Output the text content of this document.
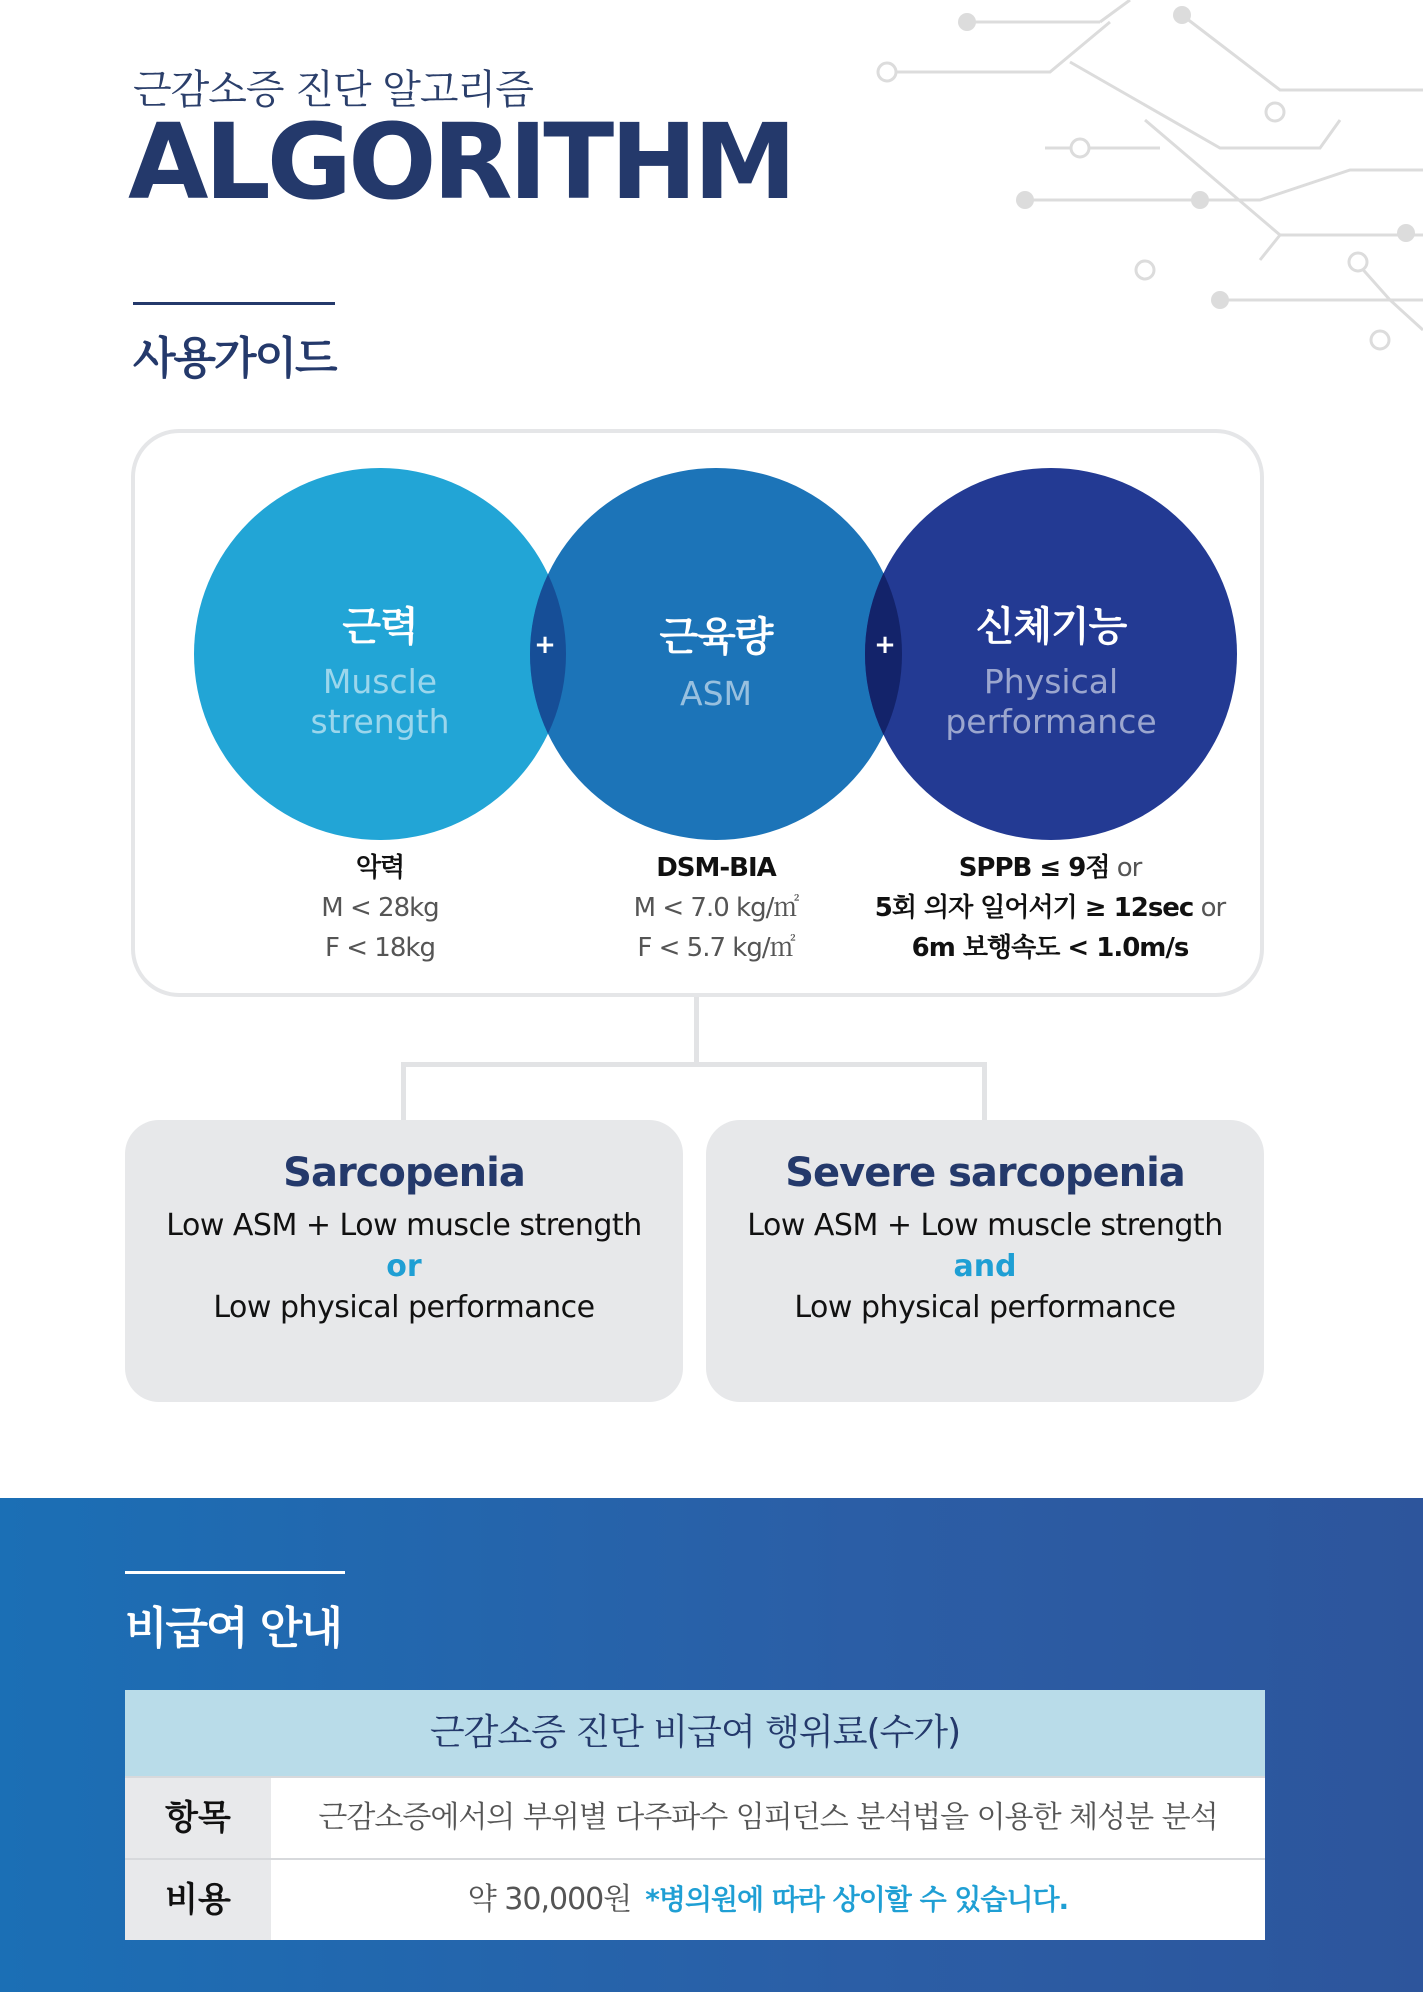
근감소증 진단 알고리즘
ALGORITHM
사용가이드
근력
Muscle
strength
근육량
ASM
신체기능
Physical
performance
+	+
악력
M < 28kg
F < 18kg
DSM-BIA
M < 7.0 kg/㎡
F < 5.7 kg/㎡
SPPB ≤ 9점 or
5회 의자 일어서기 ≥ 12sec or
6m 보행속도 < 1.0m/s
Sarcopenia
Low ASM + Low muscle strength
or
Low physical performance
Severe sarcopenia
Low ASM + Low muscle strength
and
Low physical performance
비급여 안내
근감소증 진단 비급여 행위료(수가)
항목	근감소증에서의 부위별 다주파수 임피던스 분석법을 이용한 체성분 분석
비용	약 30,000원 *병의원에 따라 상이할 수 있습니다.
